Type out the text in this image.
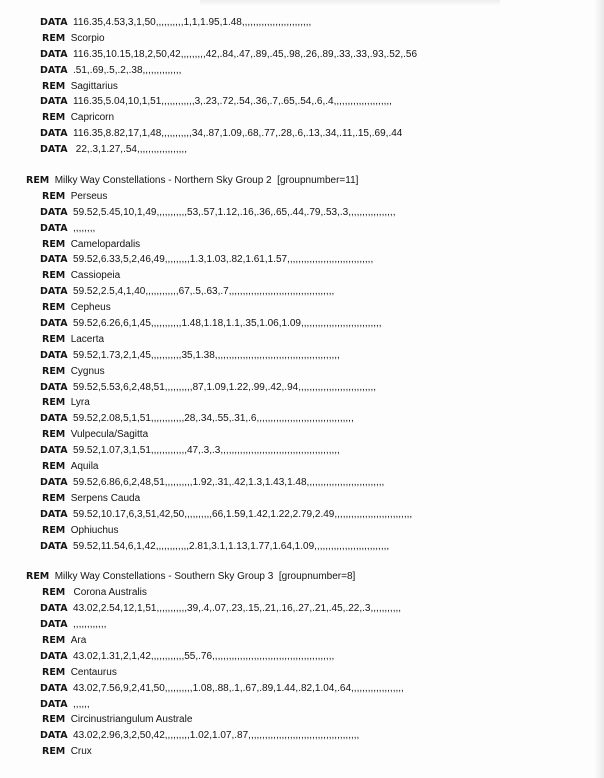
DATA 116.35,4.53,3,1,50,,,,,,,,,,1,1,1.95,1.48,,,,,,,,,,,,,,,,,,,,,,,,,
REM Scorpio
DATA 116.35,10.15,18,2,50,42,,,,,,,,,42,.84,.47,.89,.45,.98,.26,.89,.33,.33,.93,.52,.56
DATA .51,.69,.5,.2,.38,,,,,,,,,,,,,,
REM Sagittarius
DATA 116.35,5.04,10,1,51,,,,,,,,,,,,3,.23,.72,.54,.36,.7,.65,.54,.6,.4,,,,,,,,,,,,,,,,,,,,,
REM Capricorn
DATA 116.35,8.82,17,1,48,,,,,,,,,,,34,.87,1.09,.68,.77,.28,.6,.13,.34,.11,.15,.69,.44
DATA  22,.3,1.27,.54,,,,,,,,,,,,,,,,,,
REM Milky Way Constellations - Northern Sky Group 2  [groupnumber=11]
REM Perseus
DATA 59.52,5.45,10,1,49,,,,,,,,,,,53,.57,1.12,.16,.36,.65,.44,.79,.53,.3,,,,,,,,,,,,,,,,,
DATA ,,,,,,,,
REM Camelopardalis
DATA 59.52,6.33,5,2,46,49,,,,,,,,,1.3,1.03,.82,1.61,1.57,,,,,,,,,,,,,,,,,,,,,,,,,,,,,,,
REM Cassiopeia
DATA 59.52,2.5,4,1,40,,,,,,,,,,,,67,.5,.63,.7,,,,,,,,,,,,,,,,,,,,,,,,,,,,,,,,,,,,,,
REM Cepheus
DATA 59.52,6.26,6,1,45,,,,,,,,,,,1.48,1.18,1.1,.35,1.06,1.09,,,,,,,,,,,,,,,,,,,,,,,,,,,,,
REM Lacerta
DATA 59.52,1.73,2,1,45,,,,,,,,,,,35,1.38,,,,,,,,,,,,,,,,,,,,,,,,,,,,,,,,,,,,,,,,,,,,,
REM Cygnus
DATA 59.52,5.53,6,2,48,51,,,,,,,,,,87,1.09,1.22,.99,.42,.94,,,,,,,,,,,,,,,,,,,,,,,,,,,,
REM Lyra
DATA 59.52,2.08,5,1,51,,,,,,,,,,,,28,.34,.55,.31,.6,,,,,,,,,,,,,,,,,,,,,,,,,,,,,,,,,,,
REM Vulpecula/Sagitta
DATA 59.52,1.07,3,1,51,,,,,,,,,,,,,47,.3,.3,,,,,,,,,,,,,,,,,,,,,,,,,,,,,,,,,,,,,,,,,,,
REM Aquila
DATA 59.52,6.86,6,2,48,51,,,,,,,,,,1.92,.31,.42,1.3,1.43,1.48,,,,,,,,,,,,,,,,,,,,,,,,,,,,
REM Serpens Cauda
DATA 59.52,10.17,6,3,51,42,50,,,,,,,,,,66,1.59,1.42,1.22,2.79,2.49,,,,,,,,,,,,,,,,,,,,,,,,,,,,
REM Ophiuchus
DATA 59.52,11.54,6,1,42,,,,,,,,,,,,2.81,3.1,1.13,1.77,1.64,1.09,,,,,,,,,,,,,,,,,,,,,,,,,,,
REM Milky Way Constellations - Southern Sky Group 3  [groupnumber=8]
REM  Corona Australis
DATA 43.02,2.54,12,1,51,,,,,,,,,,,39,.4,.07,.23,.15,.21,.16,.27,.21,.45,.22,.3,,,,,,,,,,,
DATA ,,,,,,,,,,,,
REM Ara
DATA 43.02,1.31,2,1,42,,,,,,,,,,,,55,.76,,,,,,,,,,,,,,,,,,,,,,,,,,,,,,,,,,,,,,,,,,,,
REM Centaurus
DATA 43.02,7.56,9,2,41,50,,,,,,,,,,1.08,.88,.1,.67,.89,1.44,.82,1.04,.64,,,,,,,,,,,,,,,,,,,
DATA ,,,,,,
REM Circinustriangulum Australe
DATA 43.02,2.96,3,2,50,42,,,,,,,,,1.02,1.07,.87,,,,,,,,,,,,,,,,,,,,,,,,,,,,,,,,,,,,,,,,
REM Crux
